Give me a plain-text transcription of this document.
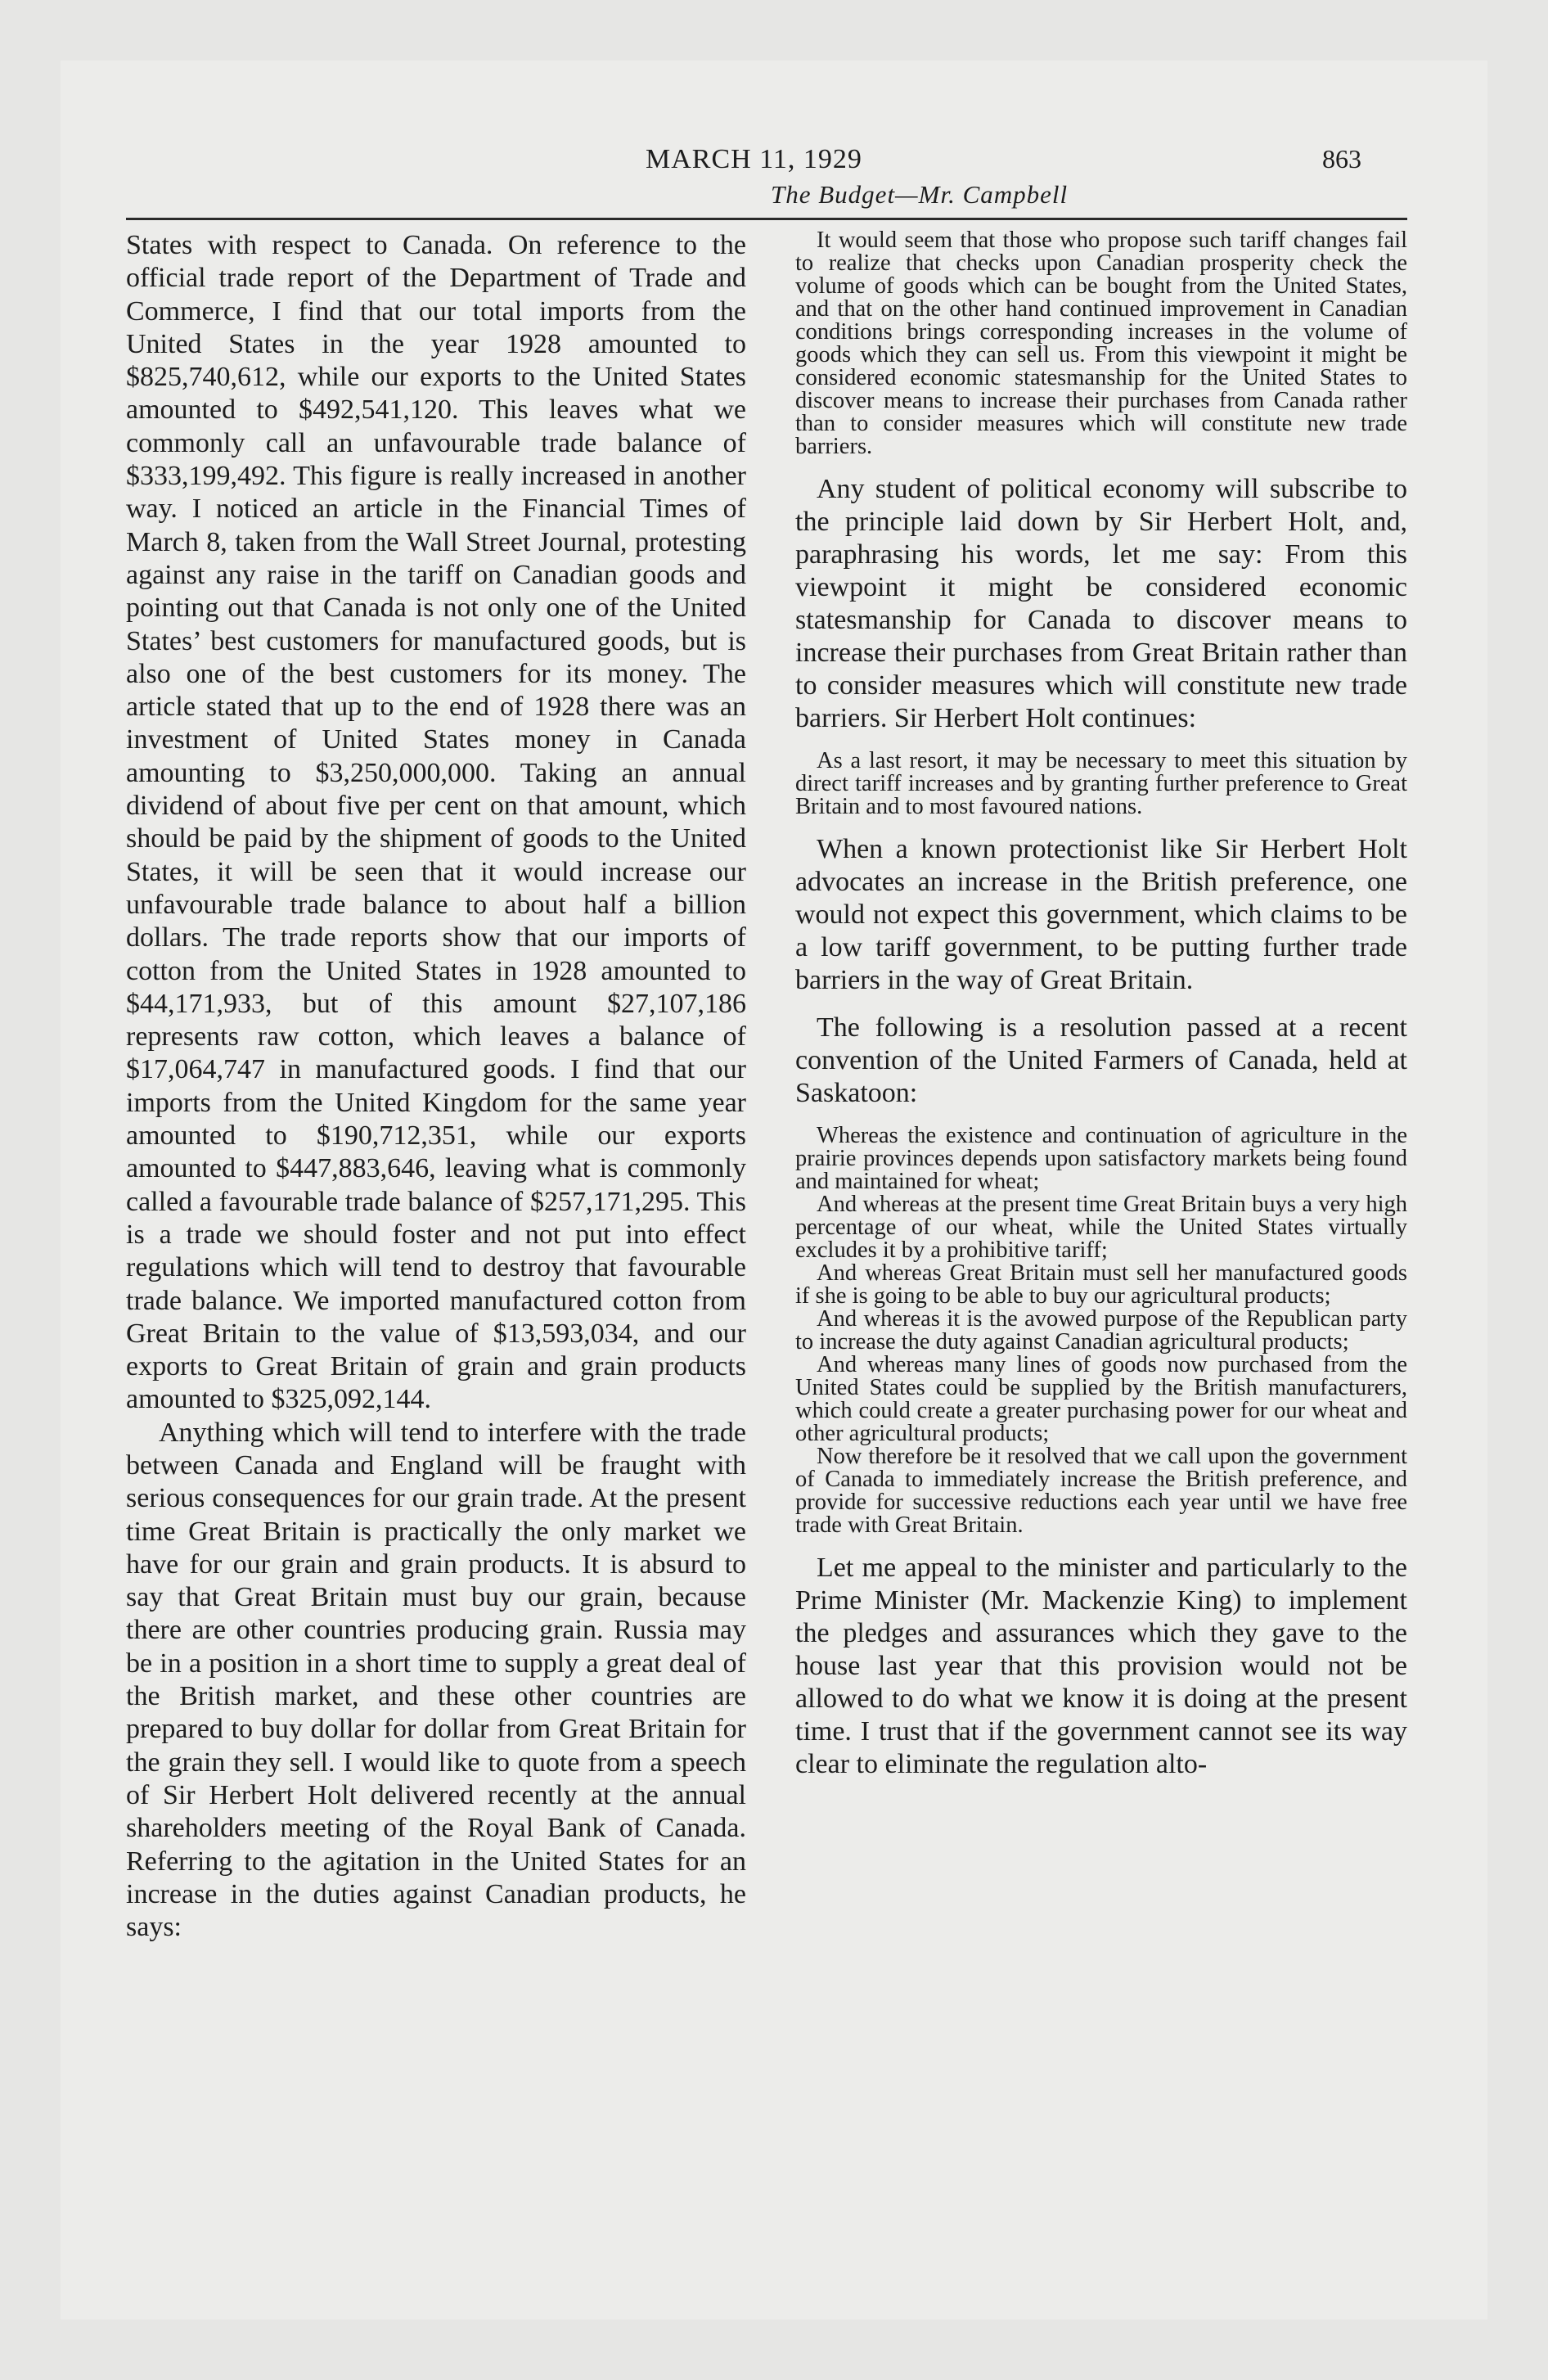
MARCH 11, 1929	863
The Budget—Mr. Campbell

States with respect to Canada. On reference to the official trade report of the Department of Trade and Commerce, I find that our total imports from the United States in the year 1928 amounted to $825,740,612, while our exports to the United States amounted to $492,541,120. This leaves what we commonly call an unfavourable trade balance of $333,199,492. This figure is really increased in another way. I noticed an article in the Financial Times of March 8, taken from the Wall Street Journal, protesting against any raise in the tariff on Canadian goods and pointing out that Canada is not only one of the United States’ best customers for manufactured goods, but is also one of the best customers for its money. The article stated that up to the end of 1928 there was an investment of United States money in Canada amounting to $3,250,000,000. Taking an annual dividend of about five per cent on that amount, which should be paid by the shipment of goods to the United States, it will be seen that it would increase our unfavourable trade balance to about half a billion dollars. The trade reports show that our imports of cotton from the United States in 1928 amounted to $44,171,933, but of this amount $27,107,186 represents raw cotton, which leaves a balance of $17,064,747 in manufactured goods. I find that our imports from the United Kingdom for the same year amounted to $190,712,351, while our exports amounted to $447,883,646, leaving what is commonly called a favourable trade balance of $257,171,295. This is a trade we should foster and not put into effect regulations which will tend to destroy that favourable trade balance. We imported manufactured cotton from Great Britain to the value of $13,593,034, and our exports to Great Britain of grain and grain products amounted to $325,092,144.

Anything which will tend to interfere with the trade between Canada and England will be fraught with serious consequences for our grain trade. At the present time Great Britain is practically the only market we have for our grain and grain products. It is absurd to say that Great Britain must buy our grain, because there are other countries producing grain. Russia may be in a position in a short time to supply a great deal of the British market, and these other countries are prepared to buy dollar for dollar from Great Britain for the grain they sell. I would like to quote from a speech of Sir Herbert Holt delivered recently at the annual shareholders meeting of the Royal Bank of Canada. Referring to the agitation in the United States for an increase in the duties against Canadian products, he says:

It would seem that those who propose such tariff changes fail to realize that checks upon Canadian prosperity check the volume of goods which can be bought from the United States, and that on the other hand continued improvement in Canadian conditions brings corresponding increases in the volume of goods which they can sell us. From this viewpoint it might be considered economic statesmanship for the United States to discover means to increase their purchases from Canada rather than to consider measures which will constitute new trade barriers.

Any student of political economy will subscribe to the principle laid down by Sir Herbert Holt, and, paraphrasing his words, let me say: From this viewpoint it might be considered economic statesmanship for Canada to discover means to increase their purchases from Great Britain rather than to consider measures which will constitute new trade barriers. Sir Herbert Holt continues:

As a last resort, it may be necessary to meet this situation by direct tariff increases and by granting further preference to Great Britain and to most favoured nations.

When a known protectionist like Sir Herbert Holt advocates an increase in the British preference, one would not expect this government, which claims to be a low tariff government, to be putting further trade barriers in the way of Great Britain.

The following is a resolution passed at a recent convention of the United Farmers of Canada, held at Saskatoon:

Whereas the existence and continuation of agriculture in the prairie provinces depends upon satisfactory markets being found and maintained for wheat;

And whereas at the present time Great Britain buys a very high percentage of our wheat, while the United States virtually excludes it by a prohibitive tariff;

And whereas Great Britain must sell her manufactured goods if she is going to be able to buy our agricultural products;

And whereas it is the avowed purpose of the Republican party to increase the duty against Canadian agricultural products;

And whereas many lines of goods now purchased from the United States could be supplied by the British manufacturers, which could create a greater purchasing power for our wheat and other agricultural products;

Now therefore be it resolved that we call upon the government of Canada to immediately increase the British preference, and provide for successive reductions each year until we have free trade with Great Britain.

Let me appeal to the minister and particularly to the Prime Minister (Mr. Mackenzie King) to implement the pledges and assurances which they gave to the house last year that this provision would not be allowed to do what we know it is doing at the present time. I trust that if the government cannot see its way clear to eliminate the regulation alto-
